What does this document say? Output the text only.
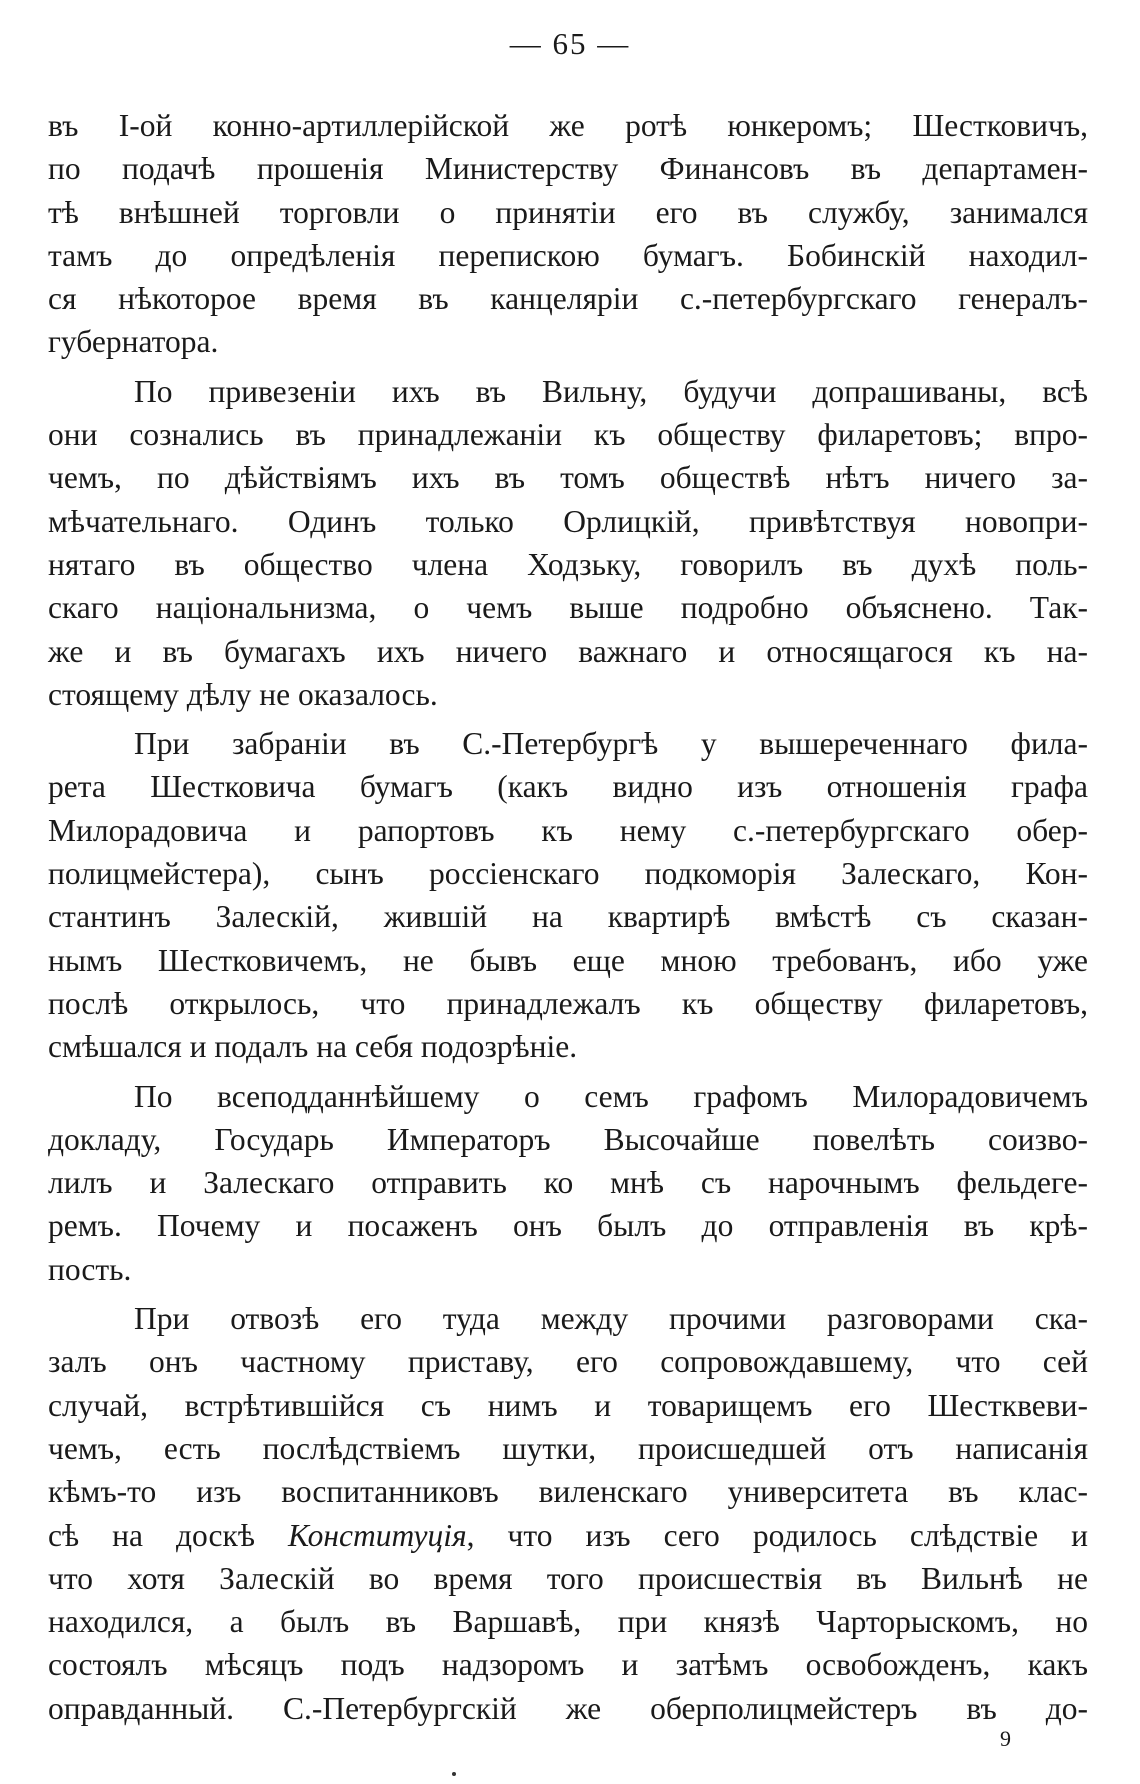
— 65 —
въ I-ой конно-артиллерійской же ротѣ юнкеромъ; Шестковичъ,
по подачѣ прошенія Министерству Финансовъ въ департамен-
тѣ внѣшней торговли о принятіи его въ службу, занимался
тамъ до опредѣленія перепискою бумагъ. Бобинскій находил-
ся нѣкоторое время въ канцеляріи с.-петербургскаго генералъ-
губернатора.
По привезеніи ихъ въ Вильну, будучи допрашиваны, всѣ
они сознались въ принадлежаніи къ обществу филаретовъ; впро-
чемъ, по дѣйствіямъ ихъ въ томъ обществѣ нѣтъ ничего за-
мѣчательнаго. Одинъ только Орлицкій, привѣтствуя новопри-
нятаго въ общество члена Ходзьку, говорилъ въ духѣ поль-
скаго національнизма, о чемъ выше подробно объяснено. Так-
же и въ бумагахъ ихъ ничего важнаго и относящагося къ на-
стоящему дѣлу не оказалось.
При забраніи въ С.-Петербургѣ у вышереченнаго фила-
рета Шестковича бумагъ (какъ видно изъ отношенія графа
Милорадовича и рапортовъ къ нему с.-петербургскаго обер-
полицмейстера), сынъ россіенскаго подкоморія Залескаго, Кон-
стантинъ Залескій, жившій на квартирѣ вмѣстѣ съ сказан-
нымъ Шестковичемъ, не бывъ еще мною требованъ, ибо уже
послѣ открылось, что принадлежалъ къ обществу филаретовъ,
смѣшался и подалъ на себя подозрѣніе.
По всеподданнѣйшему о семъ графомъ Милорадовичемъ
докладу, Государь Императоръ Высочайше повелѣть соизво-
лилъ и Залескаго отправить ко мнѣ съ нарочнымъ фельдеге-
ремъ. Почему и посаженъ онъ былъ до отправленія въ крѣ-
пость.
При отвозѣ его туда между прочими разговорами ска-
залъ онъ частному приставу, его сопровождавшему, что сей
случай, встрѣтившійся съ нимъ и товарищемъ его Шестквеви-
чемъ, есть послѣдствіемъ шутки, происшедшей отъ написанія
кѣмъ-то изъ воспитанниковъ виленскаго университета въ клас-
сѣ на доскѣ Конституція, что изъ сего родилось слѣдствіе и
что хотя Залескій во время того происшествія въ Вильнѣ не
находился, а былъ въ Варшавѣ, при князѣ Чарторыскомъ, но
состоялъ мѣсяцъ подъ надзоромъ и затѣмъ освобожденъ, какъ
оправданный. С.-Петербургскій же оберполицмейстеръ въ до-
9
